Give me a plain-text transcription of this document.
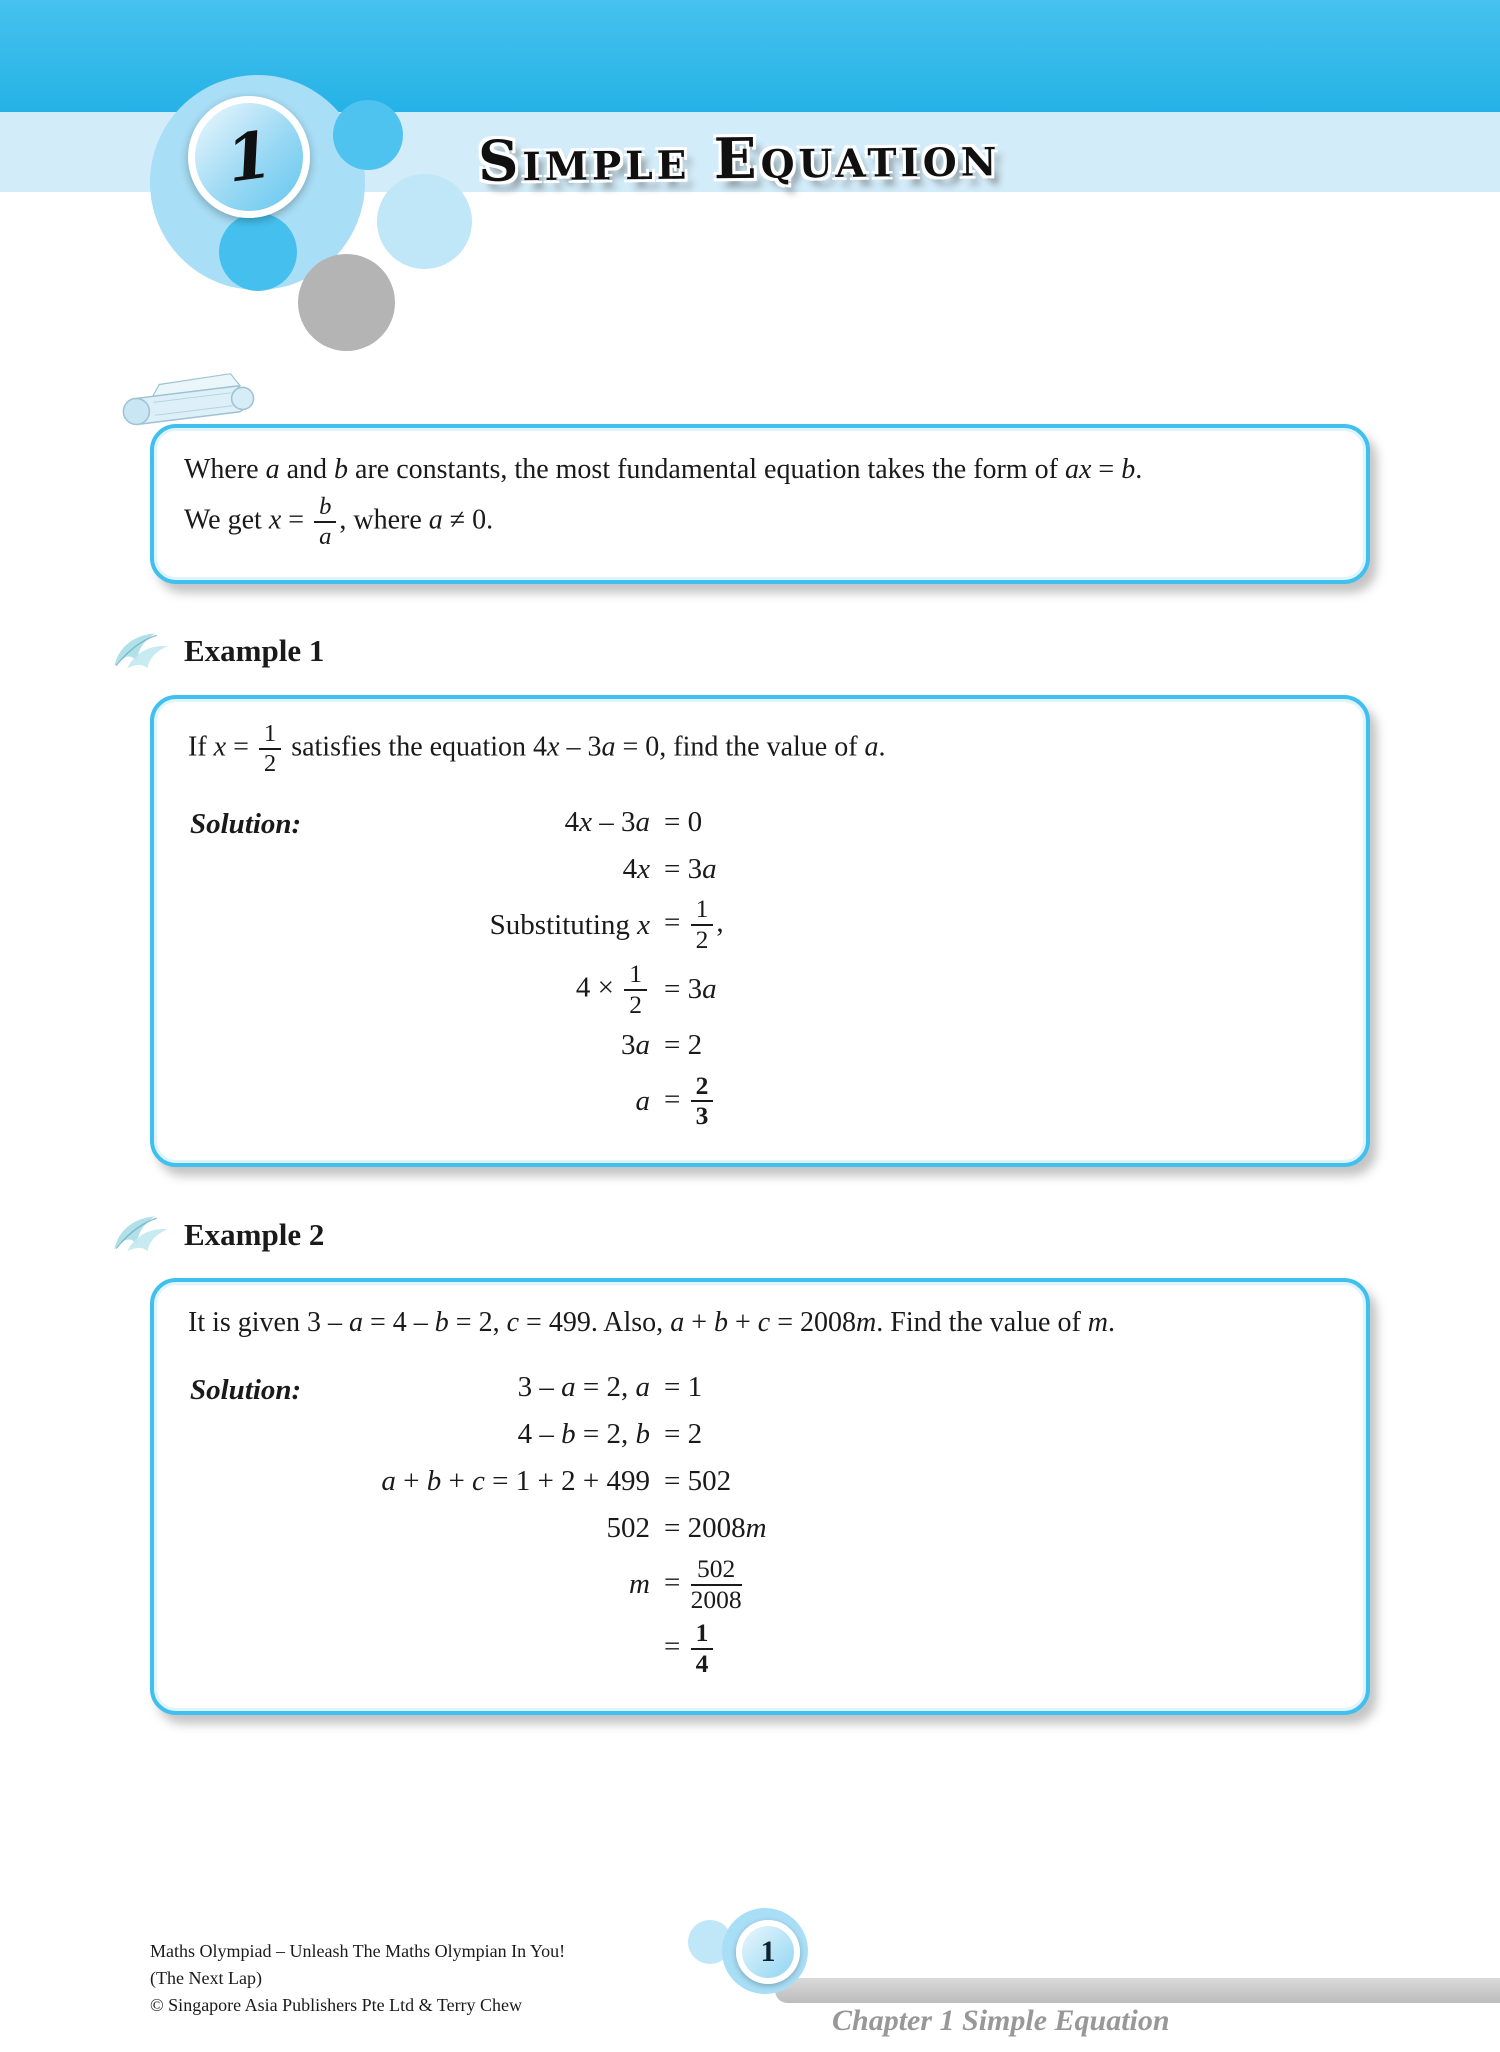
1	Simple Equation
Where a and b are constants, the most fundamental equation takes the form of ax = b.
We get $x = \frac{b}{a}$ , where a ≠ 0.
Example 1
If $x = \frac{1}{2}$ satisfies the equation 4x – 3a = 0, find the value of a.
Solution:	4x – 3a = 0
4x = 3a
Substituting $x = \frac{1}{2}$ ,
$4 \times \frac{1}{2} = 3a$
3a = 2
$a = \frac{2}{3}$
Example 2
It is given 3 – a = 4 – b = 2, c = 499. Also, a + b + c = 2008m. Find the value of m.
Solution:	3 – a = 2, a = 1
4 – b = 2, b = 2
a + b + c = 1 + 2 + 499 = 502
502 = 2008m
$m = \frac{502}{2008}$
= $\frac{1}{4}$
Maths Olympiad – Unleash The Maths Olympian In You!
(The Next Lap)
© Singapore Asia Publishers Pte Ltd & Terry Chew
1
Chapter 1 Simple Equation
